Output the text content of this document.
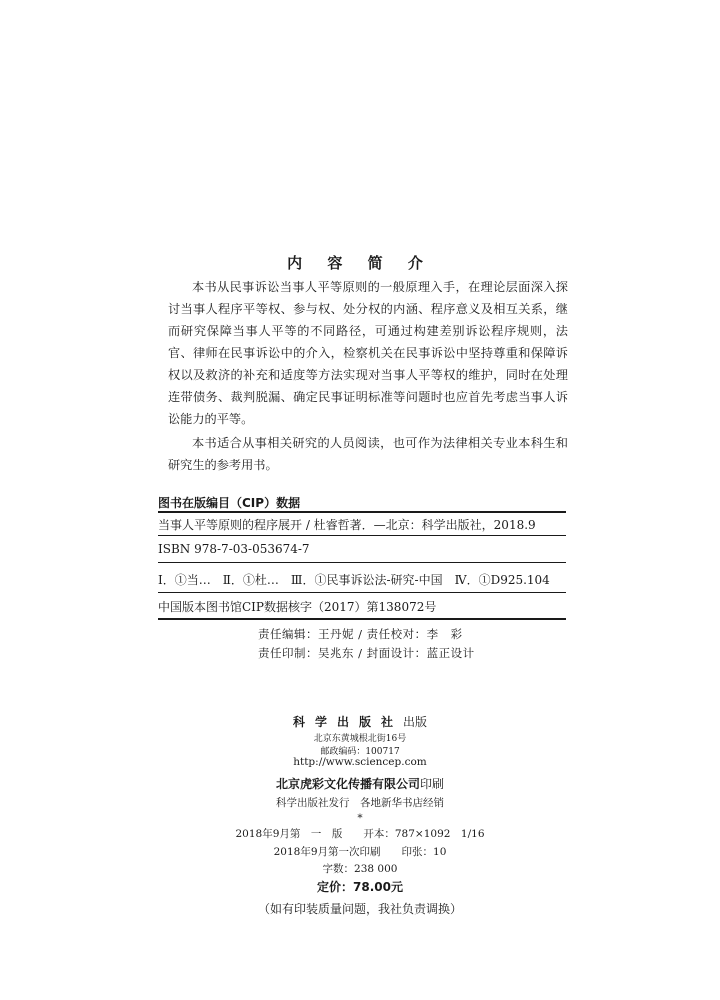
内 容 简 介
本书从民事诉讼当事人平等原则的一般原理入手，在理论层面深入探讨当事人程序平等权、参与权、处分权的内涵、程序意义及相互关系，继而研究保障当事人平等的不同路径，可通过构建差别诉讼程序规则，法官、律师在民事诉讼中的介入，检察机关在民事诉讼中坚持尊重和保障诉权以及救济的补充和适度等方法实现对当事人平等权的维护，同时在处理连带债务、裁判脱漏、确定民事证明标准等问题时也应首先考虑当事人诉讼能力的平等。
本书适合从事相关研究的人员阅读，也可作为法律相关专业本科生和研究生的参考用书。
图书在版编目（CIP）数据
当事人平等原则的程序展开 / 杜睿哲著．—北京：科学出版社，2018.9
ISBN 978-7-03-053674-7
Ⅰ．①当…　Ⅱ．①杜…　Ⅲ．①民事诉讼法-研究-中国　Ⅳ．①D925.104
中国版本图书馆CIP数据核字（2017）第138072号
责任编辑：王丹妮 / 责任校对：李　彩
责任印制：吴兆东 / 封面设计：蓝正设计
科学出版社出版
北京东黄城根北街16号
邮政编码：100717
http://www.sciencep.com
北京虎彩文化传播有限公司印刷
科学出版社发行　各地新华书店经销
*
2018年9月第　一　版　　开本：787×1092　1/16
2018年9月第一次印刷　　印张：10
字数：238 000
定价：78.00元
（如有印装质量问题，我社负责调换）
